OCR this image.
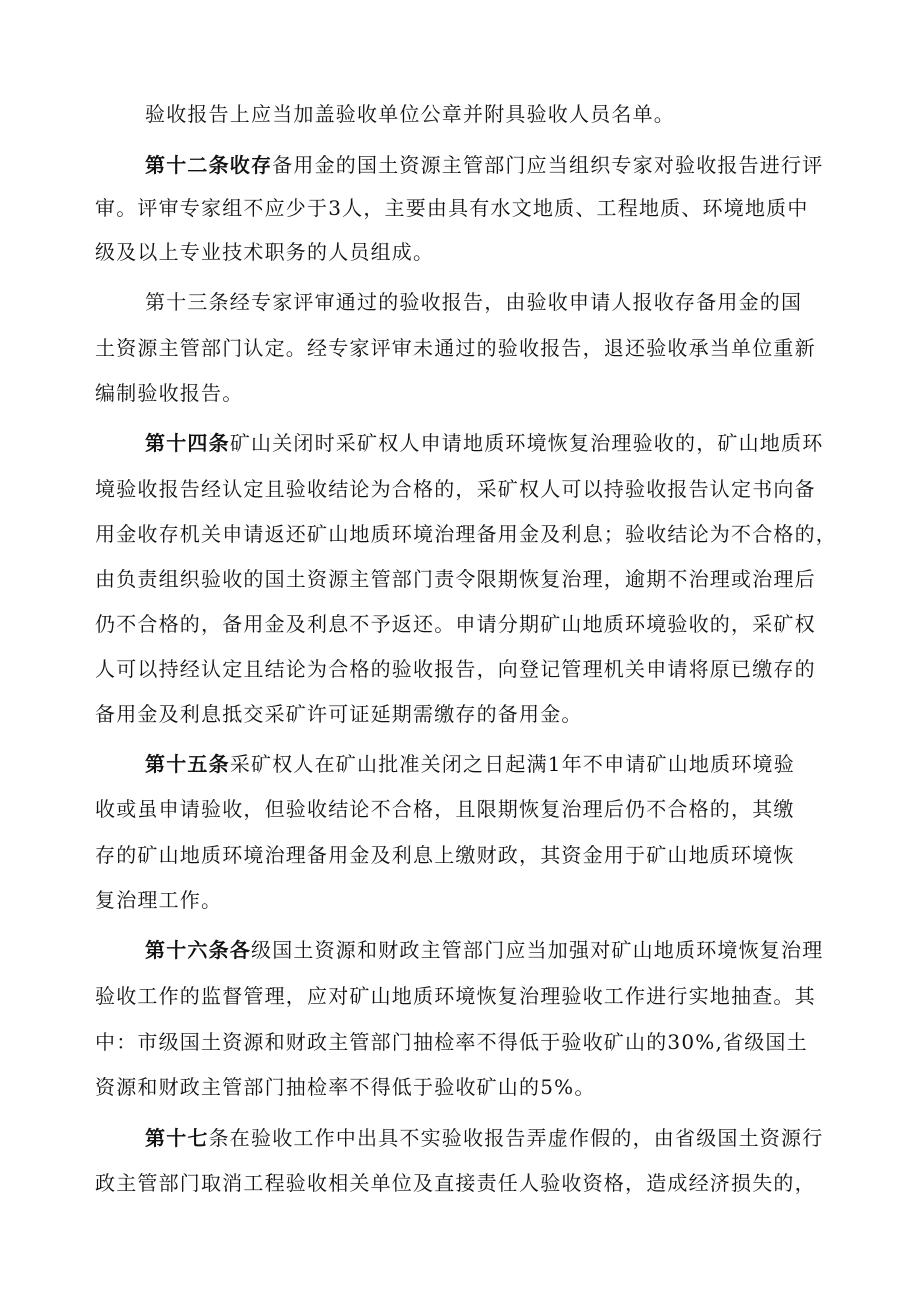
验收报告上应当加盖验收单位公章并附具验收人员名单。
第十二条收存备用金的国土资源主管部门应当组织专家对验收报告进行评
审。评审专家组不应少于3人，主要由具有水文地质、工程地质、环境地质中
级及以上专业技术职务的人员组成。
第十三条经专家评审通过的验收报告，由验收申请人报收存备用金的国
土资源主管部门认定。经专家评审未通过的验收报告，退还验收承当单位重新
编制验收报告。
第十四条矿山关闭时采矿权人申请地质环境恢复治理验收的，矿山地质环
境验收报告经认定且验收结论为合格的，采矿权人可以持验收报告认定书向备
用金收存机关申请返还矿山地质环境治理备用金及利息；验收结论为不合格的，
由负责组织验收的国土资源主管部门责令限期恢复治理，逾期不治理或治理后
仍不合格的，备用金及利息不予返还。申请分期矿山地质环境验收的，采矿权
人可以持经认定且结论为合格的验收报告，向登记管理机关申请将原已缴存的
备用金及利息抵交采矿许可证延期需缴存的备用金。
第十五条采矿权人在矿山批准关闭之日起满1年不申请矿山地质环境验
收或虽申请验收，但验收结论不合格，且限期恢复治理后仍不合格的，其缴
存的矿山地质环境治理备用金及利息上缴财政，其资金用于矿山地质环境恢
复治理工作。
第十六条各级国土资源和财政主管部门应当加强对矿山地质环境恢复治理
验收工作的监督管理，应对矿山地质环境恢复治理验收工作进行实地抽查。其
中：市级国土资源和财政主管部门抽检率不得低于验收矿山的30%,省级国土
资源和财政主管部门抽检率不得低于验收矿山的5%。
第十七条在验收工作中出具不实验收报告弄虚作假的，由省级国土资源行
政主管部门取消工程验收相关单位及直接责任人验收资格，造成经济损失的，
